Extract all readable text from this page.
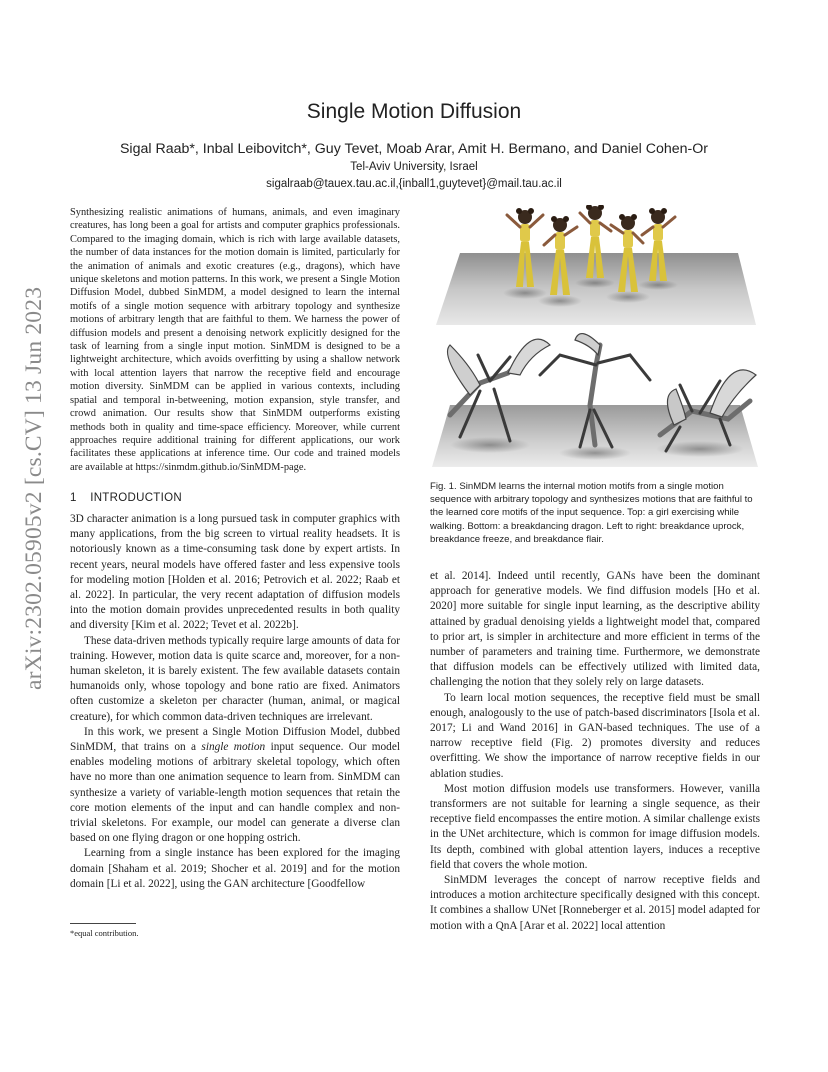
arXiv:2302.05905v2 [cs.CV] 13 Jun 2023
Single Motion Diffusion
Sigal Raab*, Inbal Leibovitch*, Guy Tevet, Moab Arar, Amit H. Bermano, and Daniel Cohen-Or
Tel-Aviv University, Israel
sigalraab@tauex.tau.ac.il,{inball1,guytevet}@mail.tau.ac.il

Synthesizing realistic animations of humans, animals, and even imaginary creatures, has long been a goal for artists and computer graphics professionals. Compared to the imaging domain, which is rich with large available datasets, the number of data instances for the motion domain is limited, particularly for the animation of animals and exotic creatures (e.g., dragons), which have unique skeletons and motion patterns. In this work, we present a Single Motion Diffusion Model, dubbed SinMDM, a model designed to learn the internal motifs of a single motion sequence with arbitrary topology and synthesize motions of arbitrary length that are faithful to them. We harness the power of diffusion models and present a denoising network explicitly designed for the task of learning from a single input motion. SinMDM is designed to be a lightweight architecture, which avoids overfitting by using a shallow network with local attention layers that narrow the receptive field and encourage motion diversity. SinMDM can be applied in various contexts, including spatial and temporal in-betweening, motion expansion, style transfer, and crowd animation. Our results show that SinMDM outperforms existing methods both in quality and time-space efficiency. Moreover, while current approaches require additional training for different applications, our work facilitates these applications at inference time. Our code and trained models are available at https://sinmdm.github.io/SinMDM-page.

1 INTRODUCTION

3D character animation is a long pursued task in computer graphics with many applications, from the big screen to virtual reality headsets. It is notoriously known as a time-consuming task done by expert artists. In recent years, neural models have offered faster and less expensive tools for modeling motion [Holden et al. 2016; Petrovich et al. 2022; Raab et al. 2022]. In particular, the very recent adaptation of diffusion models into the motion domain provides unprecedented results in both quality and diversity [Kim et al. 2022; Tevet et al. 2022b].

These data-driven methods typically require large amounts of data for training. However, motion data is quite scarce and, moreover, for a non-human skeleton, it is barely existent. The few available datasets contain humanoids only, whose topology and bone ratio are fixed. Animators often customize a skeleton per character (human, animal, or magical creature), for which common data-driven techniques are irrelevant.

In this work, we present a Single Motion Diffusion Model, dubbed SinMDM, that trains on a single motion input sequence. Our model enables modeling motions of arbitrary skeletal topology, which often have no more than one animation sequence to learn from. SinMDM can synthesize a variety of variable-length motion sequences that retain the core motion elements of the input and can handle complex and non-trivial skeletons. For example, our model can generate a diverse clan based on one flying dragon or one hopping ostrich.

Learning from a single instance has been explored for the imaging domain [Shaham et al. 2019; Shocher et al. 2019] and for the motion domain [Li et al. 2022], using the GAN architecture [Goodfellow

*equal contribution.
Fig. 1. SinMDM learns the internal motion motifs from a single motion sequence with arbitrary topology and synthesizes motions that are faithful to the learned core motifs of the input sequence. Top: a girl exercising while walking. Bottom: a breakdancing dragon. Left to right: breakdance uprock, breakdance freeze, and breakdance flair.

et al. 2014]. Indeed until recently, GANs have been the dominant approach for generative models. We find diffusion models [Ho et al. 2020] more suitable for single input learning, as the descriptive ability attained by gradual denoising yields a lightweight model that, compared to prior art, is simpler in architecture and more efficient in terms of the number of parameters and training time. Furthermore, we demonstrate that diffusion models can be effectively utilized with limited data, challenging the notion that they solely rely on large datasets.

To learn local motion sequences, the receptive field must be small enough, analogously to the use of patch-based discriminators [Isola et al. 2017; Li and Wand 2016] in GAN-based techniques. The use of a narrow receptive field (Fig. 2) promotes diversity and reduces overfitting. We show the importance of narrow receptive fields in our ablation studies.

Most motion diffusion models use transformers. However, vanilla transformers are not suitable for learning a single sequence, as their receptive field encompasses the entire motion. A similar challenge exists in the UNet architecture, which is common for image diffusion models. Its depth, combined with global attention layers, induces a receptive field that covers the whole motion.

SinMDM leverages the concept of narrow receptive fields and introduces a motion architecture specifically designed with this concept. It combines a shallow UNet [Ronneberger et al. 2015] model adapted for motion with a QnA [Arar et al. 2022] local attention
